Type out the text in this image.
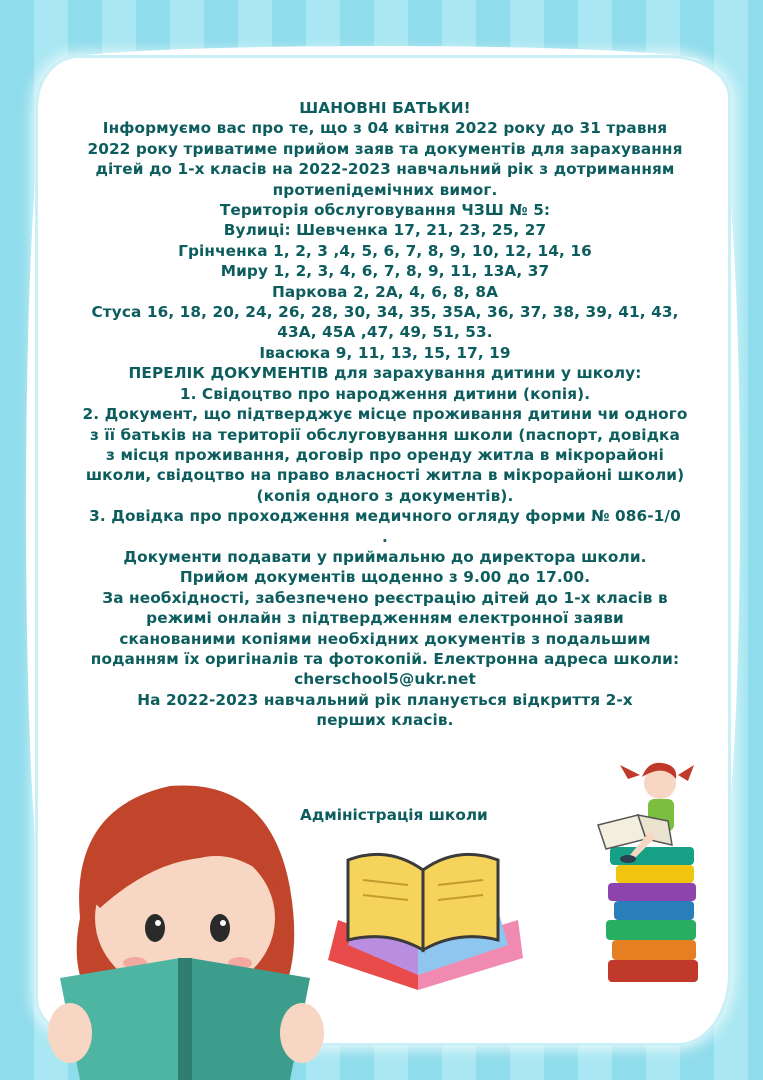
ШАНОВНІ БАТЬКИ!

Інформуємо вас про те, що з 04 квітня 2022 року до 31 травня

2022 року триватиме прийом заяв та документів для зарахування

дітей до 1-х класів на 2022-2023 навчальний рік з дотриманням

протиепідемічних вимог.

Територія обслуговування ЧЗШ № 5:

Вулиці: Шевченка 17, 21, 23, 25, 27

Грінченка 1, 2, 3 ,4, 5, 6, 7, 8, 9, 10, 12, 14, 16

Миру 1, 2, 3, 4, 6, 7, 8, 9, 11, 13А, 37

Паркова 2, 2А, 4, 6, 8, 8А

Стуса 16, 18, 20, 24, 26, 28, 30, 34, 35, 35А, 36, 37, 38, 39, 41, 43,

43А, 45А ,47, 49, 51, 53.

Івасюка 9, 11, 13, 15, 17, 19

ПЕРЕЛІК ДОКУМЕНТІВ для зарахування дитини у школу:

1. Свідоцтво про народження дитини (копія).

2. Документ, що підтверджує місце проживання дитини чи одного

з її батьків на території обслуговування школи (паспорт, довідка

з місця проживання, договір про оренду житла в мікрорайоні

школи, свідоцтво на право власності житла в мікрорайоні школи)

(копія одного з документів).

3. Довідка про проходження медичного огляду форми № 086-1/0

.

Документи подавати у приймальню до директора школи.

Прийом документів щоденно з 9.00 до 17.00.

За необхідності, забезпечено реєстрацію дітей до 1-х класів в

режимі онлайн з підтвердженням електронної заяви

сканованими копіями необхідних документів з подальшим

поданням їх оригіналів та фотокопій. Електронна адреса школи:

cherschool5@ukr.net

На 2022-2023 навчальний рік планується відкриття 2-х

перших класів.

Адміністрація школи
